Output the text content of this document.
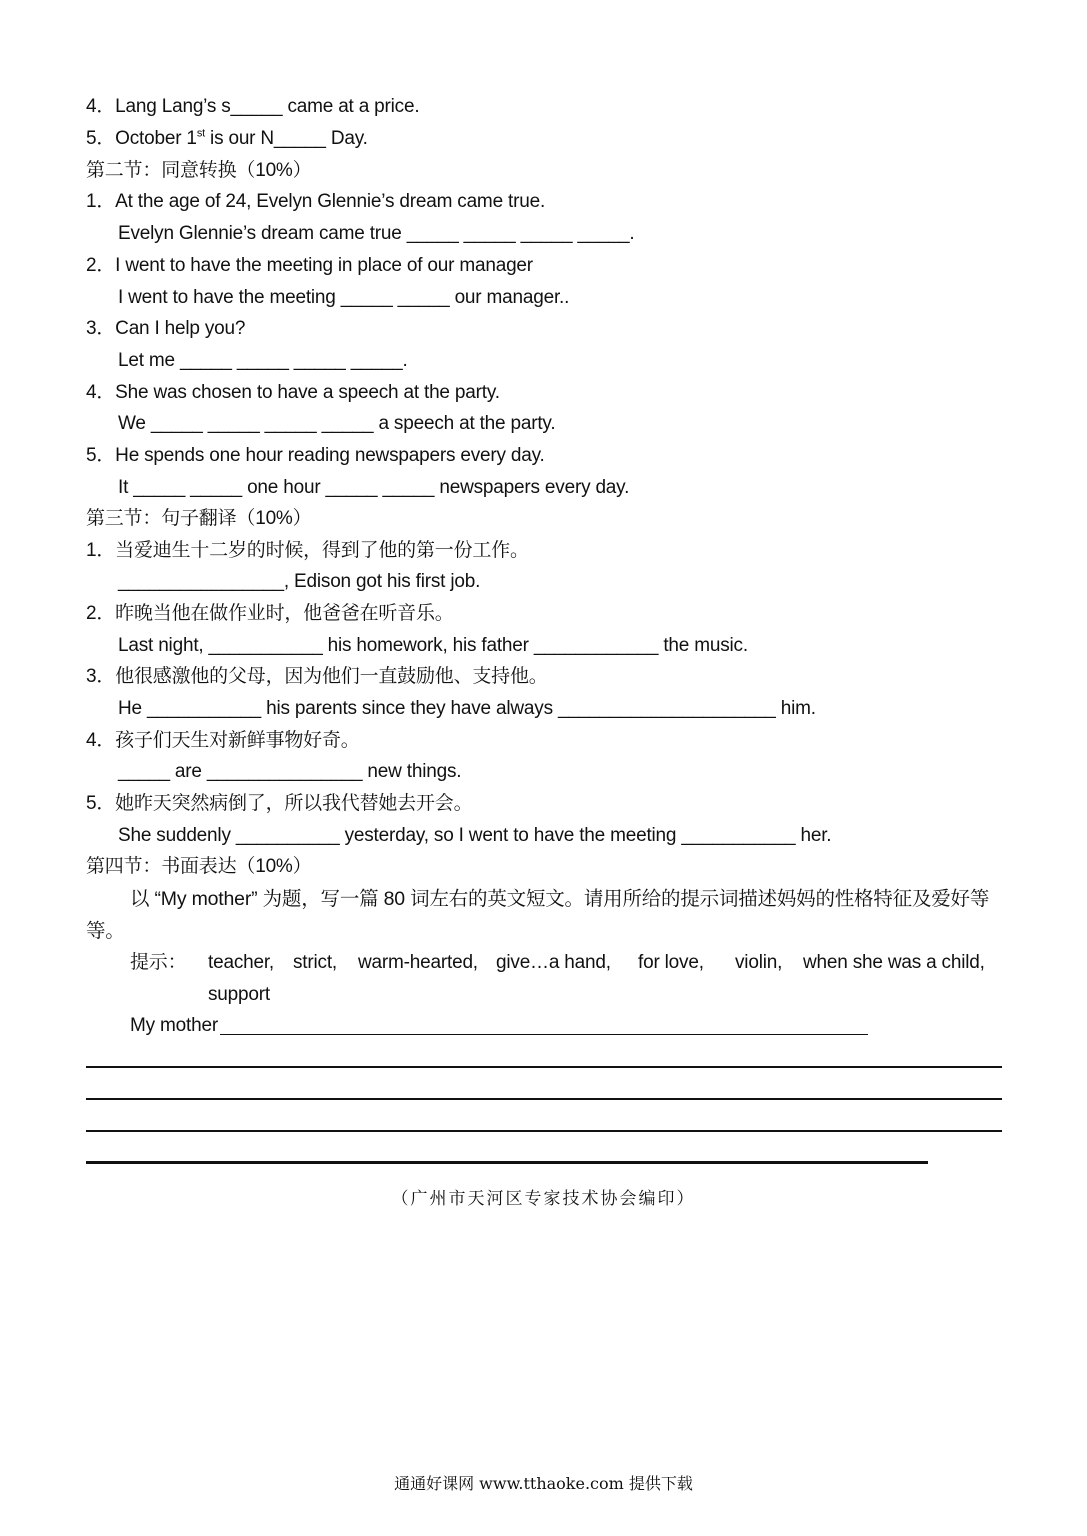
4．Lang Lang’s s_____ came at a price.
5．October 1st is our N_____ Day.
第二节：同意转换（10%）
1．At the age of 24, Evelyn Glennie’s dream came true.
Evelyn Glennie’s dream came true _____ _____ _____ _____.
2．I went to have the meeting in place of our manager
I went to have the meeting _____ _____ our manager..
3．Can I help you?
Let me _____ _____ _____ _____.
4．She was chosen to have a speech at the party.
We _____ _____ _____ _____ a speech at the party.
5．He spends one hour reading newspapers every day.
It _____ _____ one hour _____ _____ newspapers every day.
第三节：句子翻译（10%）
1．当爱迪生十二岁的时候，得到了他的第一份工作。
________________, Edison got his first job.
2．昨晚当他在做作业时，他爸爸在听音乐。
Last night, ___________ his homework, his father ____________ the music.
3．他很感激他的父母，因为他们一直鼓励他、支持他。
He ___________ his parents since they have always _____________________ him.
4．孩子们天生对新鲜事物好奇。
_____ are _______________ new things.
5．她昨天突然病倒了，所以我代替她去开会。
She suddenly __________ yesterday, so I went to have the meeting ___________ her.
第四节：书面表达（10%）
以 “My mother” 为题，写一篇 80 词左右的英文短文。请用所给的提示词描述妈妈的性格特征及爱好等等。
提示： teacher, strict, warm-hearted, give…a hand, for love, violin, when she was a child,
support
My mother
（广州市天河区专家技术协会编印）
通通好课网 www.tthaoke.com 提供下载
